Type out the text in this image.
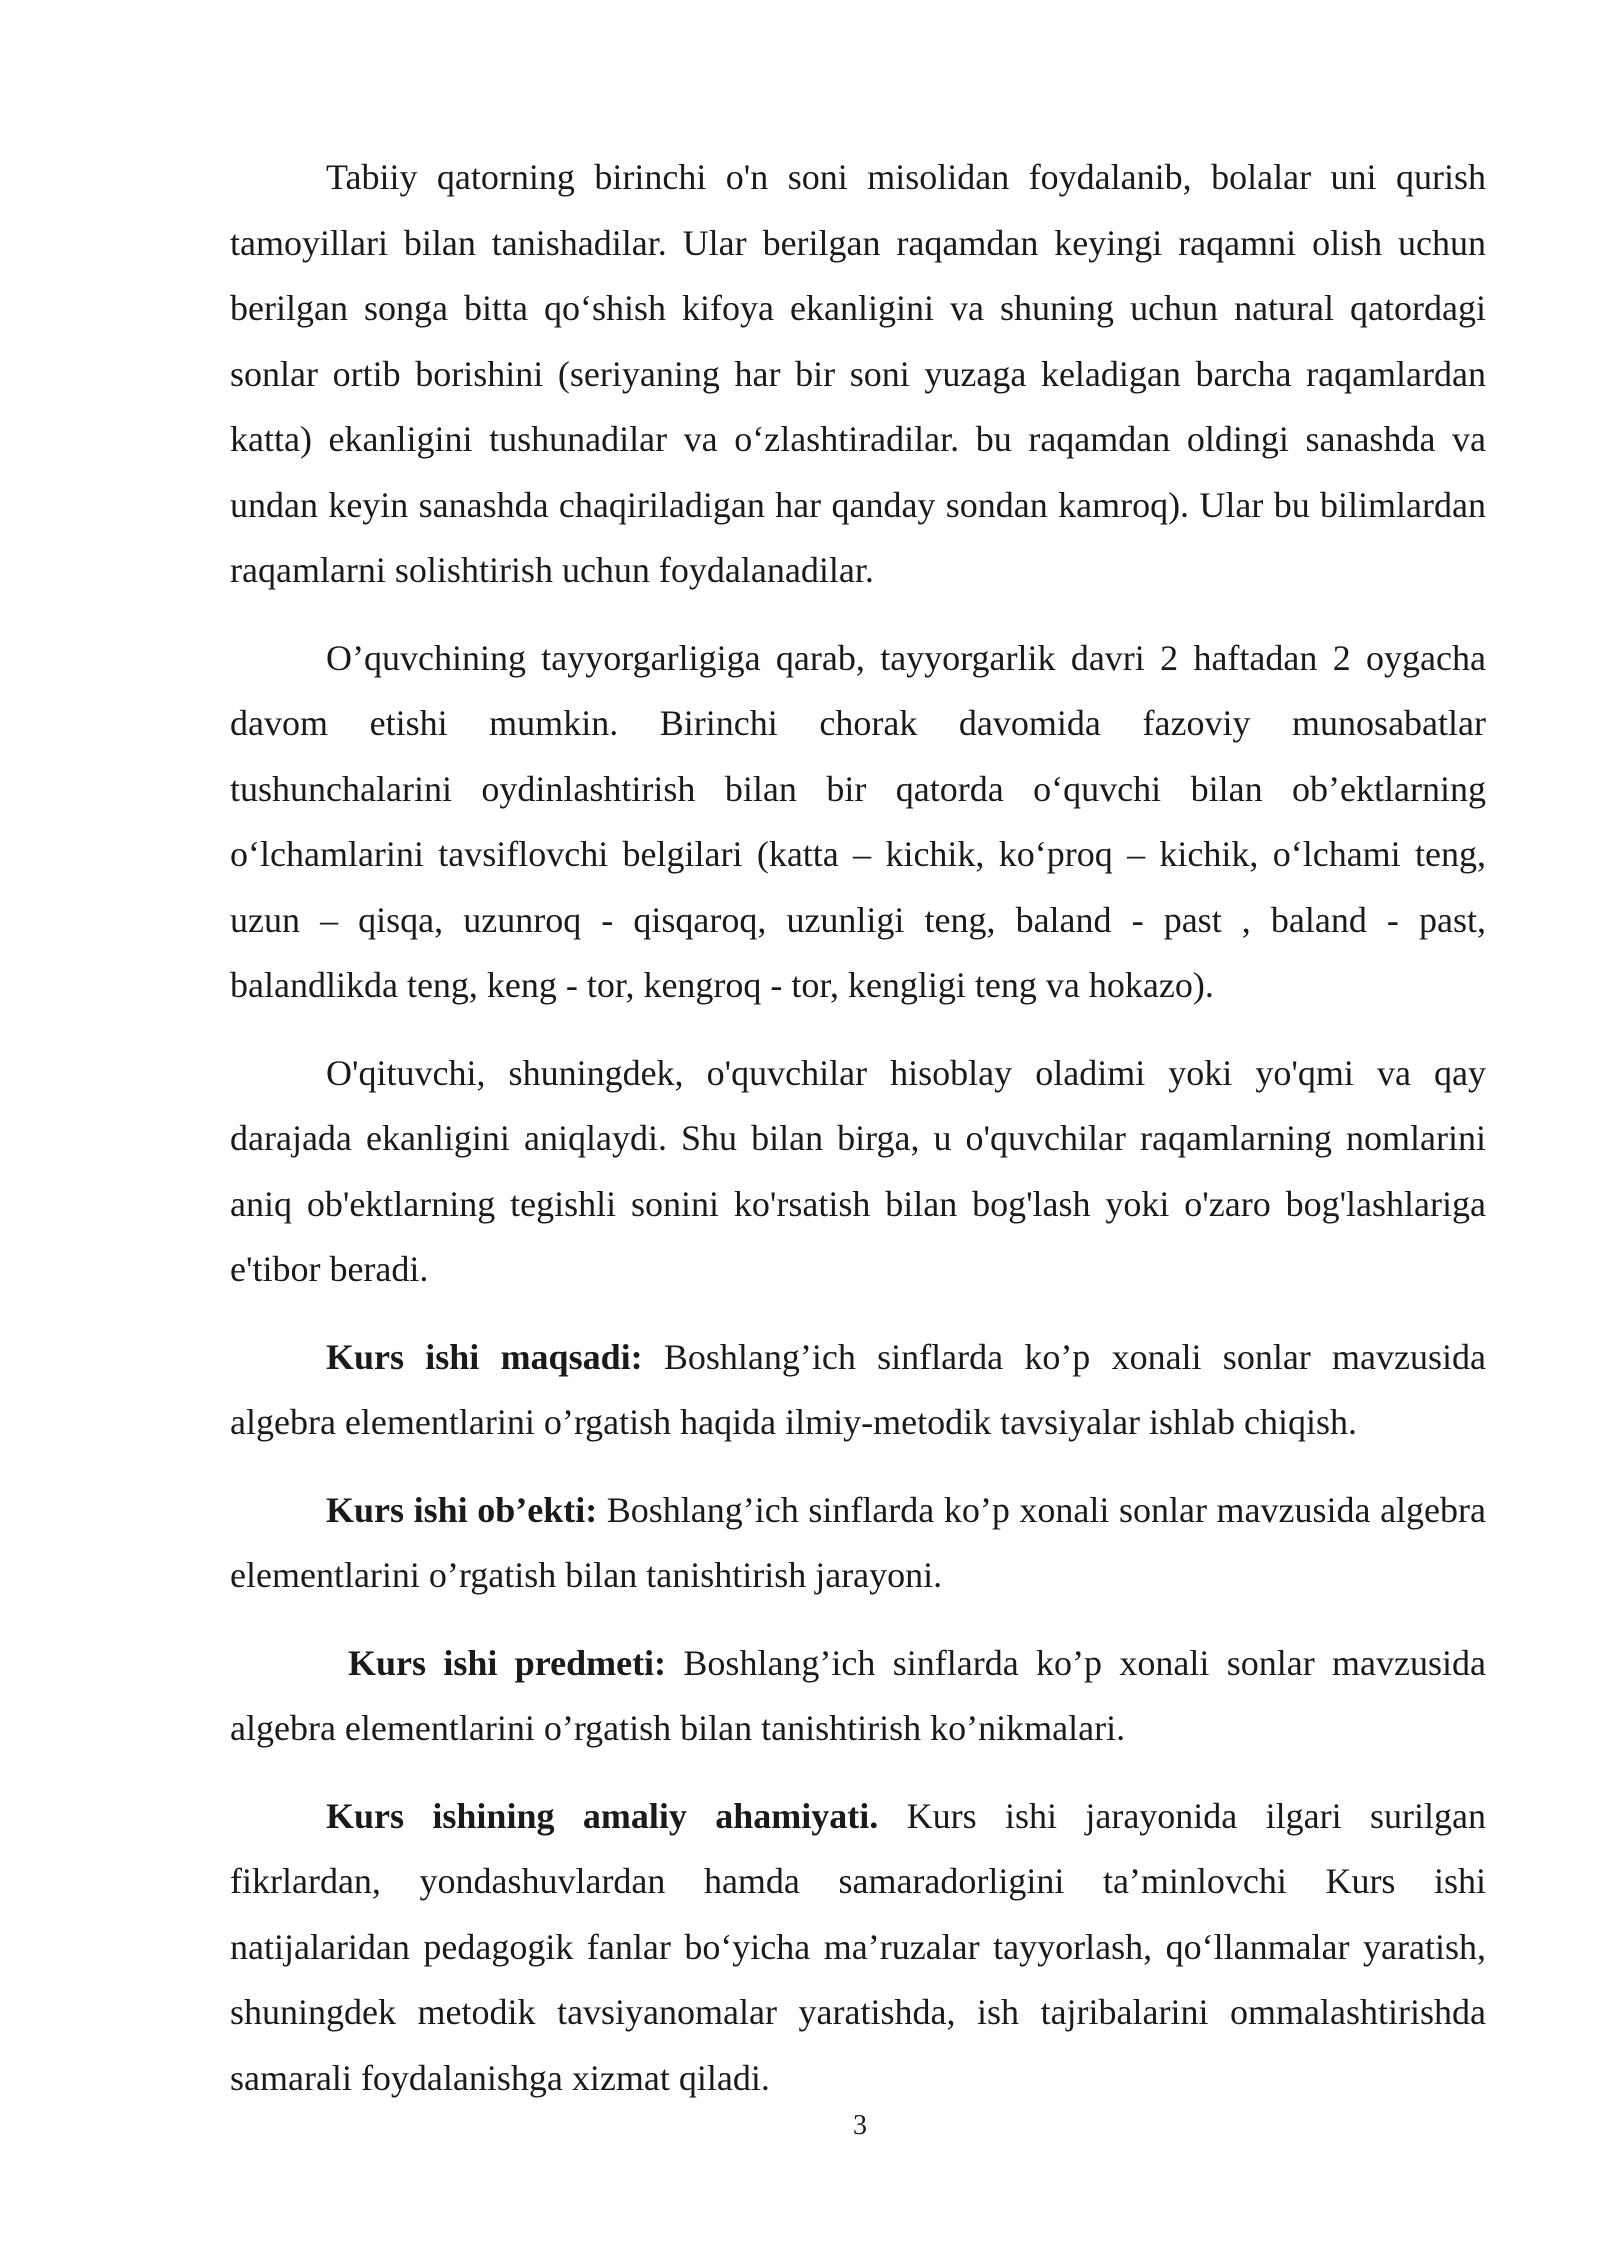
Tabiiy qatorning birinchi o'n soni misolidan foydalanib, bolalar uni qurish tamoyillari bilan tanishadilar. Ular berilgan raqamdan keyingi raqamni olish uchun berilgan songa bitta qo‘shish kifoya ekanligini va shuning uchun natural qatordagi sonlar ortib borishini (seriyaning har bir soni yuzaga keladigan barcha raqamlardan katta) ekanligini tushunadilar va o‘zlashtiradilar. bu raqamdan oldingi sanashda va undan keyin sanashda chaqiriladigan har qanday sondan kamroq). Ular bu bilimlardan raqamlarni solishtirish uchun foydalanadilar.

O’quvchining tayyorgarligiga qarab, tayyorgarlik davri 2 haftadan 2 oygacha davom etishi mumkin. Birinchi chorak davomida fazoviy munosabatlar tushunchalarini oydinlashtirish bilan bir qatorda o‘quvchi bilan ob’ektlarning o‘lchamlarini tavsiflovchi belgilari (katta – kichik, ko‘proq – kichik, o‘lchami teng, uzun – qisqa, uzunroq - qisqaroq, uzunligi teng, baland - past , baland - past, balandlikda teng, keng - tor, kengroq - tor, kengligi teng va hokazo).

O'qituvchi, shuningdek, o'quvchilar hisoblay oladimi yoki yo'qmi va qay darajada ekanligini aniqlaydi. Shu bilan birga, u o'quvchilar raqamlarning nomlarini aniq ob'ektlarning tegishli sonini ko'rsatish bilan bog'lash yoki o'zaro bog'lashlariga e'tibor beradi.

Kurs ishi maqsadi: Boshlang’ich sinflarda ko’p xonali sonlar mavzusida algebra elementlarini o’rgatish haqida ilmiy-metodik tavsiyalar ishlab chiqish.

Kurs ishi ob’ekti: Boshlang’ich sinflarda ko’p xonali sonlar mavzusida algebra elementlarini o’rgatish bilan tanishtirish jarayoni.

Kurs ishi predmeti: Boshlang’ich sinflarda ko’p xonali sonlar mavzusida algebra elementlarini o’rgatish bilan tanishtirish ko’nikmalari.

Kurs ishining amaliy ahamiyati. Kurs ishi jarayonida ilgari surilgan fikrlardan, yondashuvlardan hamda samaradorligini ta’minlovchi Kurs ishi natijalaridan pedagogik fanlar bo‘yicha ma’ruzalar tayyorlash, qo‘llanmalar yaratish, shuningdek metodik tavsiyanomalar yaratishda, ish tajribalarini ommalashtirishda samarali foydalanishga xizmat qiladi.

3
